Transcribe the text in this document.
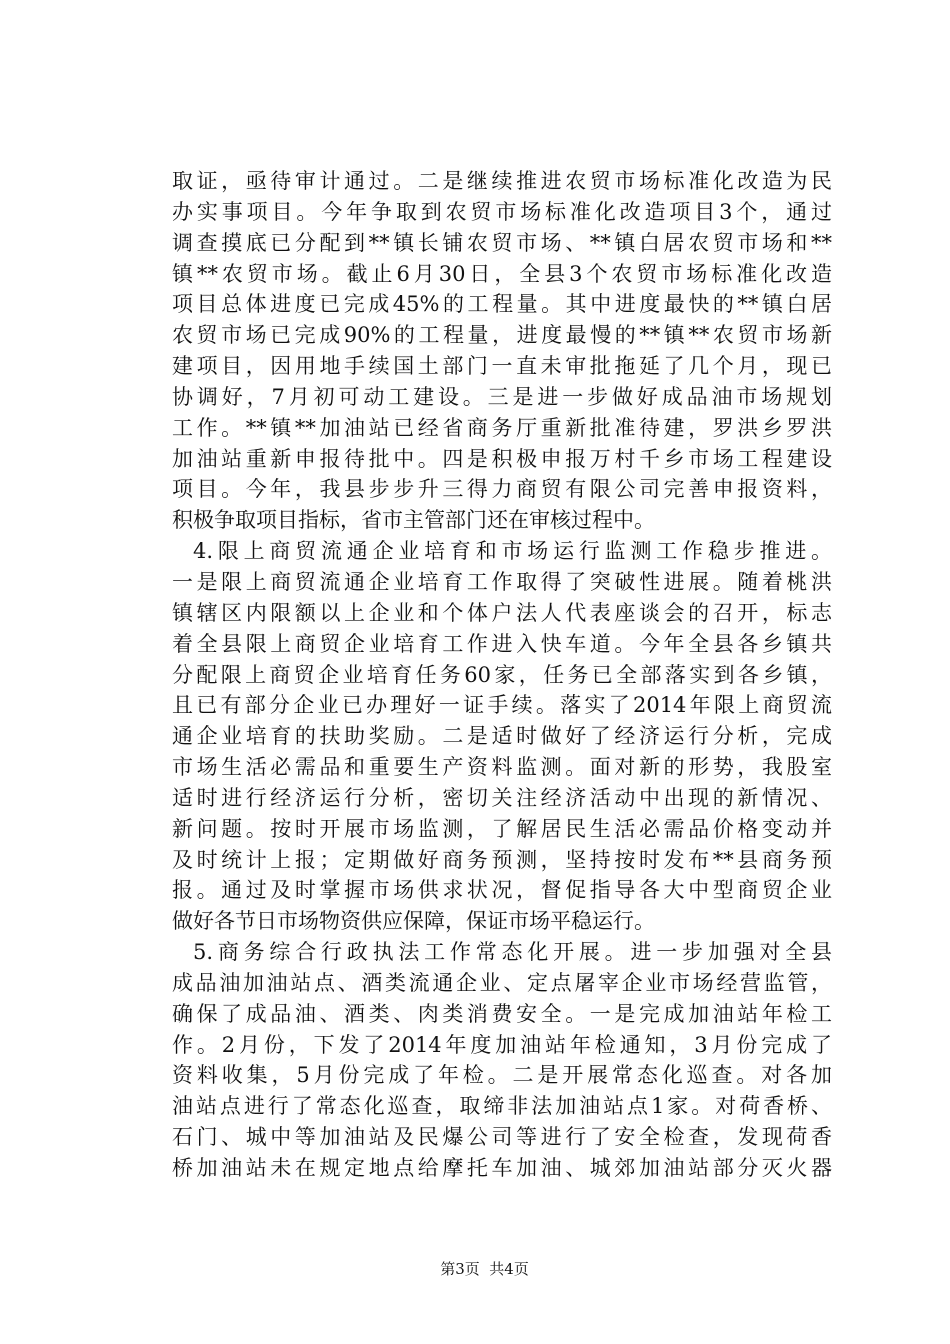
取证，亟待审计通过。二是继续推进农贸市场标准化改造为民
办实事项目。今年争取到农贸市场标准化改造项目3个，通过
调查摸底已分配到**镇长铺农贸市场、**镇白居农贸市场和**
镇**农贸市场。截止6月30日，全县3个农贸市场标准化改造
项目总体进度已完成45%的工程量。其中进度最快的**镇白居
农贸市场已完成90%的工程量，进度最慢的**镇**农贸市场新
建项目，因用地手续国土部门一直未审批拖延了几个月，现已
协调好，7月初可动工建设。三是进一步做好成品油市场规划
工作。**镇**加油站已经省商务厅重新批准待建，罗洪乡罗洪
加油站重新申报待批中。四是积极申报万村千乡市场工程建设
项目。今年，我县步步升三得力商贸有限公司完善申报资料，
积极争取项目指标，省市主管部门还在审核过程中。
4.限上商贸流通企业培育和市场运行监测工作稳步推进。
一是限上商贸流通企业培育工作取得了突破性进展。随着桃洪
镇辖区内限额以上企业和个体户法人代表座谈会的召开，标志
着全县限上商贸企业培育工作进入快车道。今年全县各乡镇共
分配限上商贸企业培育任务60家，任务已全部落实到各乡镇，
且已有部分企业已办理好一证手续。落实了2014年限上商贸流
通企业培育的扶助奖励。二是适时做好了经济运行分析，完成
市场生活必需品和重要生产资料监测。面对新的形势，我股室
适时进行经济运行分析，密切关注经济活动中出现的新情况、
新问题。按时开展市场监测，了解居民生活必需品价格变动并
及时统计上报；定期做好商务预测，坚持按时发布**县商务预
报。通过及时掌握市场供求状况，督促指导各大中型商贸企业
做好各节日市场物资供应保障，保证市场平稳运行。
5.商务综合行政执法工作常态化开展。进一步加强对全县
成品油加油站点、酒类流通企业、定点屠宰企业市场经营监管，
确保了成品油、酒类、肉类消费安全。一是完成加油站年检工
作。2月份，下发了2014年度加油站年检通知，3月份完成了
资料收集，5月份完成了年检。二是开展常态化巡查。对各加
油站点进行了常态化巡查，取缔非法加油站点1家。对荷香桥、
石门、城中等加油站及民爆公司等进行了安全检查，发现荷香
桥加油站未在规定地点给摩托车加油、城郊加油站部分灭火器

第3页  共4页
